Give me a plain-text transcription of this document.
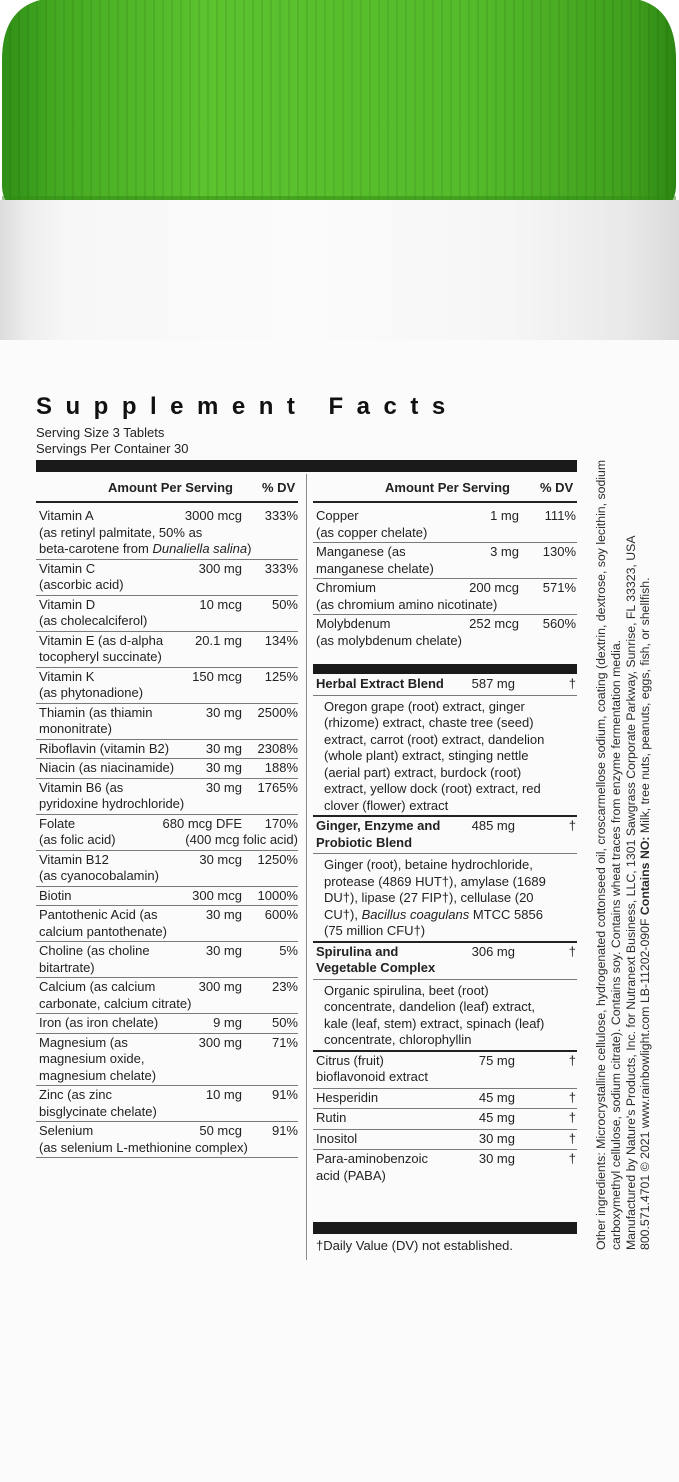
Supplement Facts
Serving Size 3 Tablets
Servings Per Container 30
Amount Per Serving % DV	Amount Per Serving % DV
Vitamin A	3000 mcg 333%
(as retinyl palmitate, 50% as
beta-carotene from Dunaliella salina)
Vitamin C	300 mg 333%
(ascorbic acid)
Vitamin D	10 mcg 50%
(as cholecalciferol)
Vitamin E (as d-alpha 20.1 mg 134%
tocopheryl succinate)
Vitamin K	150 mcg 125%
(as phytonadione)
Thiamin (as thiamin	30 mg 2500%
mononitrate)
Riboflavin (vitamin B2)	30 mg 2308%
Niacin (as niacinamide) 30 mg 188%
Vitamin B6 (as	30 mg 1765%
pyridoxine hydrochloride)
Folate	680 mcg DFE 170%
(as folic acid)	(400 mcg folic acid)
Vitamin B12	30 mcg 1250%
(as cyanocobalamin)
Biotin	300 mcg 1000%
Pantothenic Acid (as	30 mg 600%
calcium pantothenate)
Choline (as choline	30 mg	5%
bitartrate)
Calcium (as calcium	300 mg 23%
carbonate, calcium citrate)
Iron (as iron chelate)	9 mg 50%
Magnesium (as	300 mg 71%
magnesium oxide,
magnesium chelate)
Zinc (as zinc	10 mg 91%
bisglycinate chelate)
Selenium	50 mcg 91%
(as selenium L-methionine complex)
Copper	1 mg 111%
(as copper chelate)
Manganese (as	3 mg 130%
manganese chelate)
Chromium	200 mcg 571%
(as chromium amino nicotinate)
Molybdenum	252 mcg 560%
(as molybdenum chelate)
Herbal Extract Blend 587 mg	†
Oregon grape (root) extract, ginger
(rhizome) extract, chaste tree (seed)
extract, carrot (root) extract, dandelion
(whole plant) extract, stinging nettle
(aerial part) extract, burdock (root)
extract, yellow dock (root) extract, red
clover (flower) extract
Ginger, Enzyme and 485 mg	†
Probiotic Blend
Ginger (root), betaine hydrochloride,
protease (4869 HUT†), amylase (1689
DU†), lipase (27 FIP†), cellulase (20
CU†), Bacillus coagulans MTCC 5856
(75 million CFU†)
Spirulina and	306 mg	†
Vegetable Complex
Organic spirulina, beet (root)
concentrate, dandelion (leaf) extract,
kale (leaf, stem) extract, spinach (leaf)
concentrate, chlorophyllin
Citrus (fruit)	75 mg	†
bioflavonoid extract
Hesperidin	45 mg	†
Rutin	45 mg	†
Inositol	30 mg	†
Para-aminobenzoic	30 mg	†
acid (PABA)
†Daily Value (DV) not established.	Other ingredients: Microcrystalline cellulose, hydrogenated cottonseed oil, croscarmellose sodium, coating (dextrin, dextrose, soy lecithin, sodium carboxymethyl cellulose, sodium citrate). Contains soy. Contains wheat traces from enzyme fermentation media. Manufactured by Nature's Products, Inc. for Nutranext Business, LLC, 1301 Sawgrass Corporate Parkway, Sunrise, FL 33323, USA 800.571.4701 © 2021 www.rainbowlight.com LB-11202-090F Contains NO: Milk, tree nuts, peanuts, eggs, fish, or shellfish.
